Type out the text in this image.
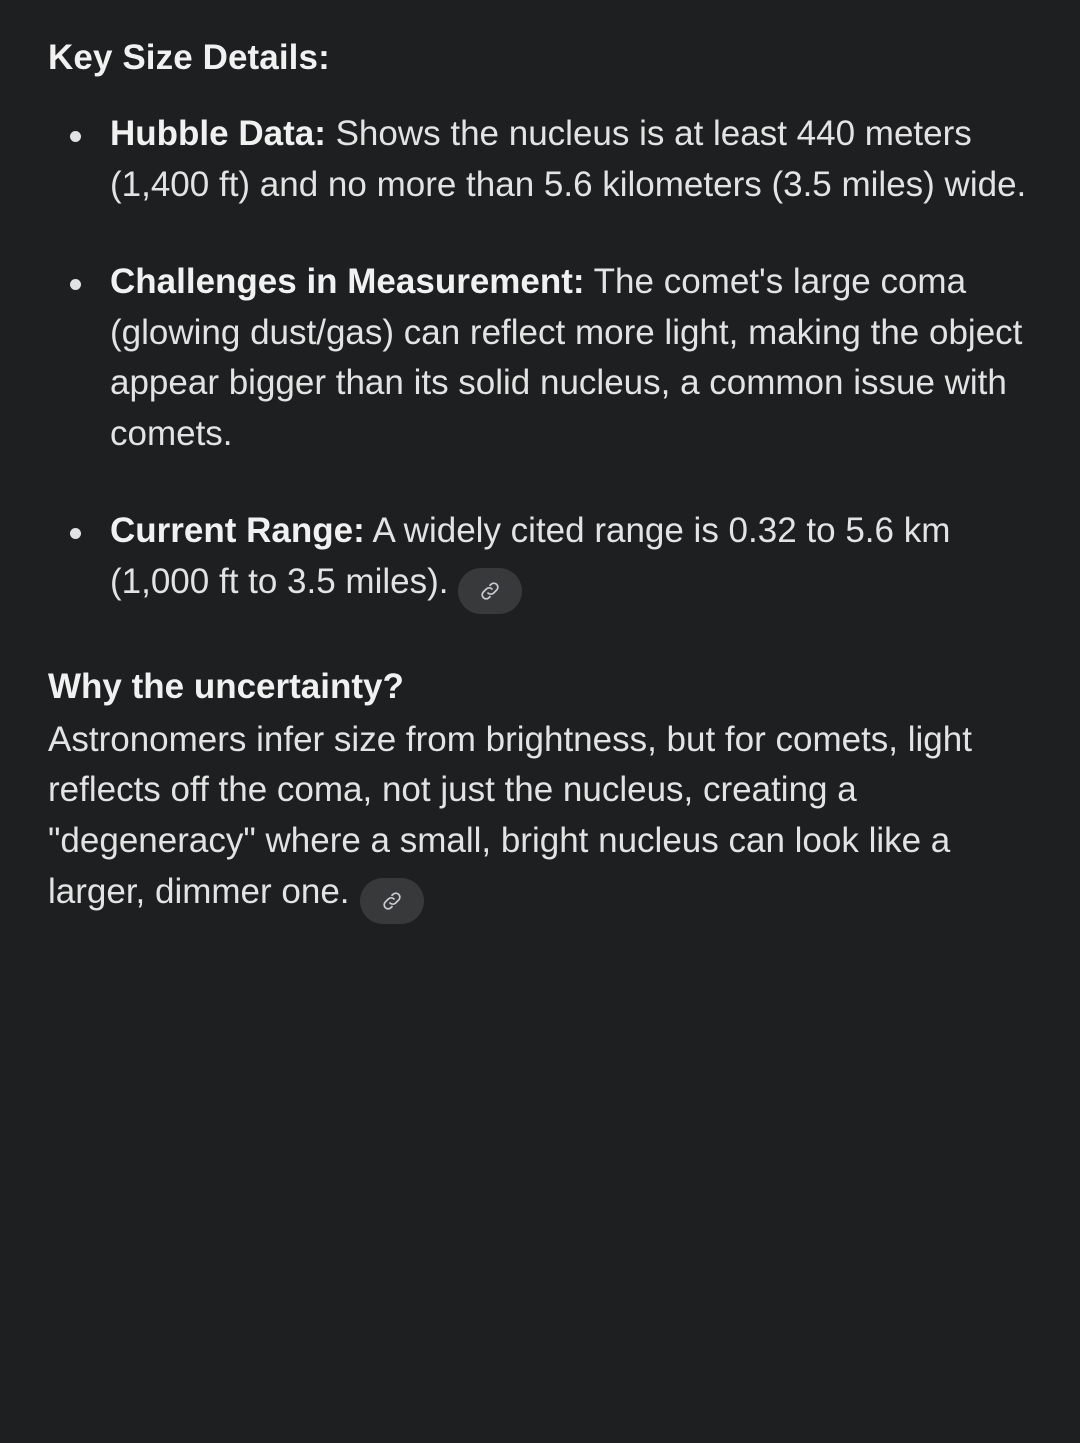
Key Size Details:
Hubble Data: Shows the nucleus is at least 440 meters (1,400 ft) and no more than 5.6 kilometers (3.5 miles) wide.
Challenges in Measurement: The comet's large coma (glowing dust/gas) can reflect more light, making the object appear bigger than its solid nucleus, a common issue with comets.
Current Range: A widely cited range is 0.32 to 5.6 km (1,000 ft to 3.5 miles).
Why the uncertainty?

Astronomers infer size from brightness, but for comets, light reflects off the coma, not just the nucleus, creating a "degeneracy" where a small, bright nucleus can look like a larger, dimmer one.
